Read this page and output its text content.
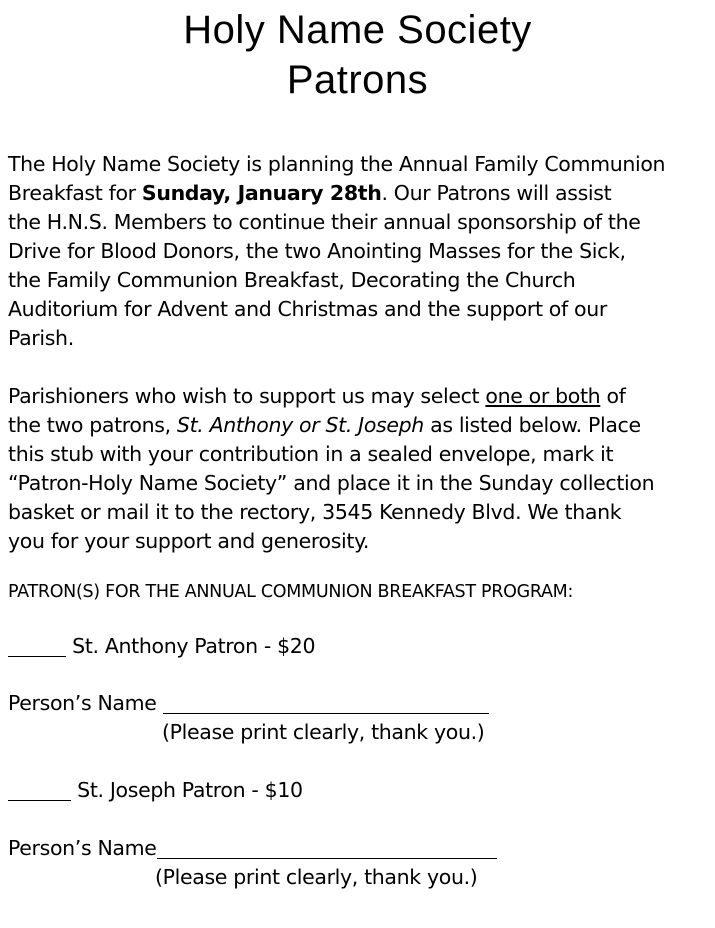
Holy Name Society
Patrons
The Holy Name Society is planning the Annual Family Communion
Breakfast for Sunday, January 28th. Our Patrons will assist
the H.N.S. Members to continue their annual sponsorship of the
Drive for Blood Donors, the two Anointing Masses for the Sick,
the Family Communion Breakfast, Decorating the Church
Auditorium for Advent and Christmas and the support of our
Parish.
Parishioners who wish to support us may select one or both of
the two patrons, St. Anthony or St. Joseph as listed below. Place
this stub with your contribution in a sealed envelope, mark it
“Patron-Holy Name Society” and place it in the Sunday collection
basket or mail it to the rectory, 3545 Kennedy Blvd. We thank
you for your support and generosity.
PATRON(S) FOR THE ANNUAL COMMUNION BREAKFAST PROGRAM:
St. Anthony Patron - $20
Person’s Name
(Please print clearly, thank you.)
St. Joseph Patron - $10
Person’s Name
(Please print clearly, thank you.)
